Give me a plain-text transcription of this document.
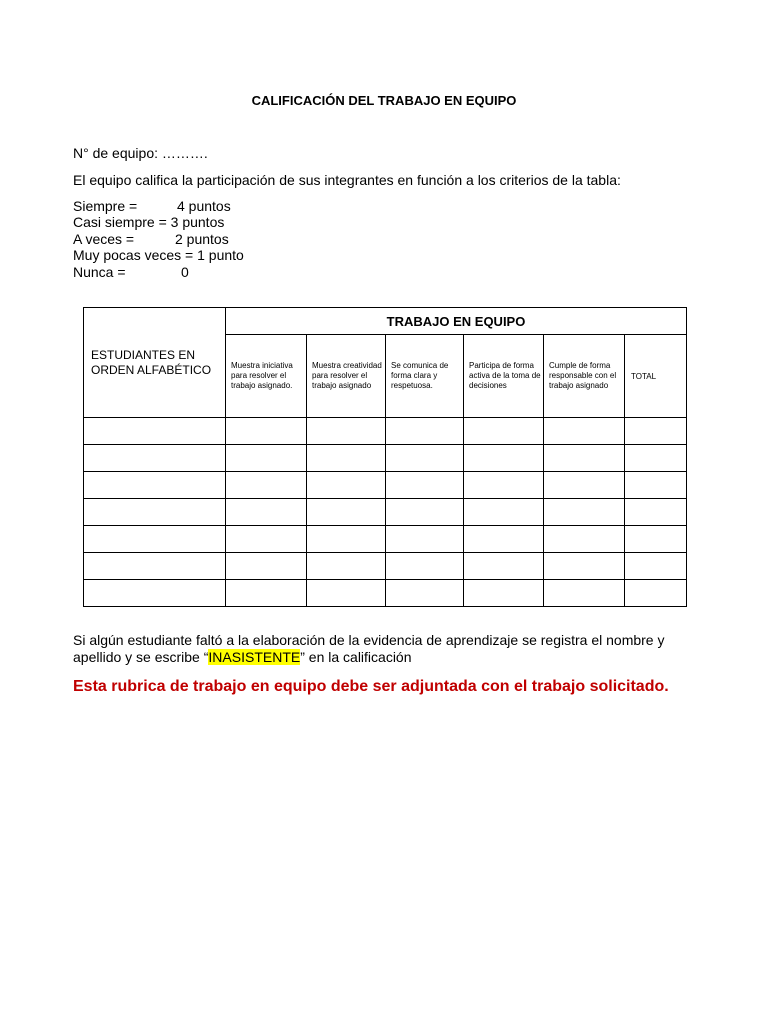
CALIFICACIÓN DEL TRABAJO EN EQUIPO
N° de equipo: ……….
El equipo califica la participación de sus integrantes en función a los criterios de la tabla:
Siempre =	4 puntos
Casi siempre = 3 puntos
A veces =	2 puntos
Muy pocas veces = 1 punto
Nunca =	0
ESTUDIANTES EN ORDEN ALFABÉTICO	TRABAJO EN EQUIPO					
	Muestra iniciativa para resolver el trabajo asignado.	Muestra creatividad para resolver el trabajo asignado	Se comunica de forma clara y respetuosa.	Participa de forma activa de la toma de decisiones	Cumple de forma responsable con el trabajo asignado	TOTAL

Si algún estudiante faltó a la elaboración de la evidencia de aprendizaje se registra el nombre y apellido y se escribe “INASISTENTE” en la calificación
Esta rubrica de trabajo en equipo debe ser adjuntada con el trabajo solicitado.
